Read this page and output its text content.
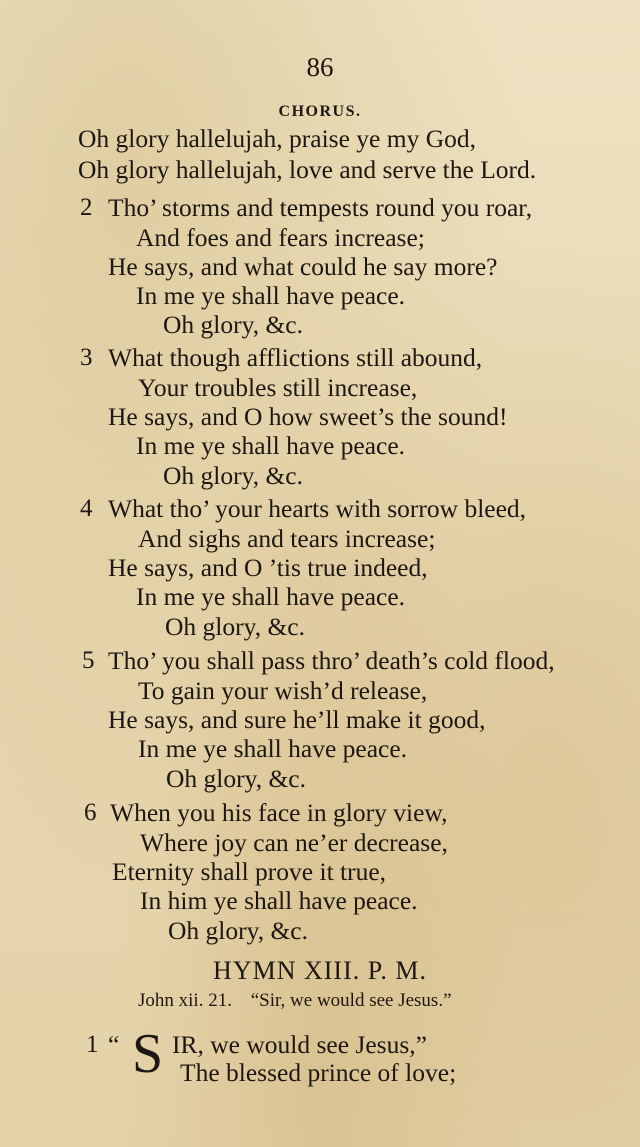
86
CHORUS.
Oh glory hallelujah, praise ye my God,
Oh glory hallelujah, love and serve the Lord.
2 Tho’ storms and tempests round you roar,
And foes and fears increase;
He says, and what could he say more?
In me ye shall have peace.
Oh glory, &c.
3 What though afflictions still abound,
Your troubles still increase,
He says, and O how sweet’s the sound!
In me ye shall have peace.
Oh glory, &c.
4 What tho’ your hearts with sorrow bleed,
And sighs and tears increase;
He says, and O ’tis true indeed,
In me ye shall have peace.
Oh glory, &c.
5 Tho’ you shall pass thro’ death’s cold flood,
To gain your wish’d release,
He says, and sure he’ll make it good,
In me ye shall have peace.
Oh glory, &c.
6 When you his face in glory view,
Where joy can ne’er decrease,
Eternity shall prove it true,
In him ye shall have peace.
Oh glory, &c.
HYMN XIII. P. M.
John xii. 21. “Sir, we would see Jesus.”
1 “ S IR, we would see Jesus,”
The blessed prince of love;
